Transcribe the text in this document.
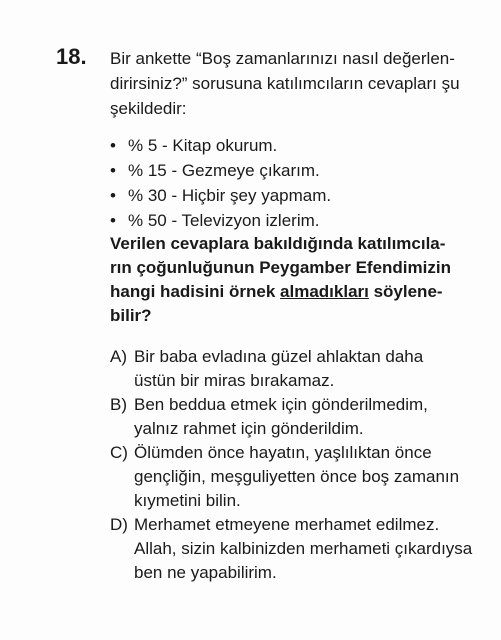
18. Bir ankette “Boş zamanlarınızı nasıl değerlen-
dirirsiniz?” sorusuna katılımcıların cevapları şu
şekildedir:
• % 5 - Kitap okurum.
• % 15 - Gezmeye çıkarım.
• % 30 - Hiçbir şey yapmam.
• % 50 - Televizyon izlerim.
Verilen cevaplara bakıldığında katılımcıla-
rın çoğunluğunun Peygamber Efendimizin
hangi hadisini örnek almadıkları söylene-
bilir?
A) Bir baba evladına güzel ahlaktan daha
üstün bir miras bırakamaz.
B) Ben beddua etmek için gönderilmedim,
yalnız rahmet için gönderildim.
C) Ölümden önce hayatın, yaşlılıktan önce
gençliğin, meşguliyetten önce boş zamanın
kıymetini bilin.
D) Merhamet etmeyene merhamet edilmez.
Allah, sizin kalbinizden merhameti çıkardıysa
ben ne yapabilirim.
